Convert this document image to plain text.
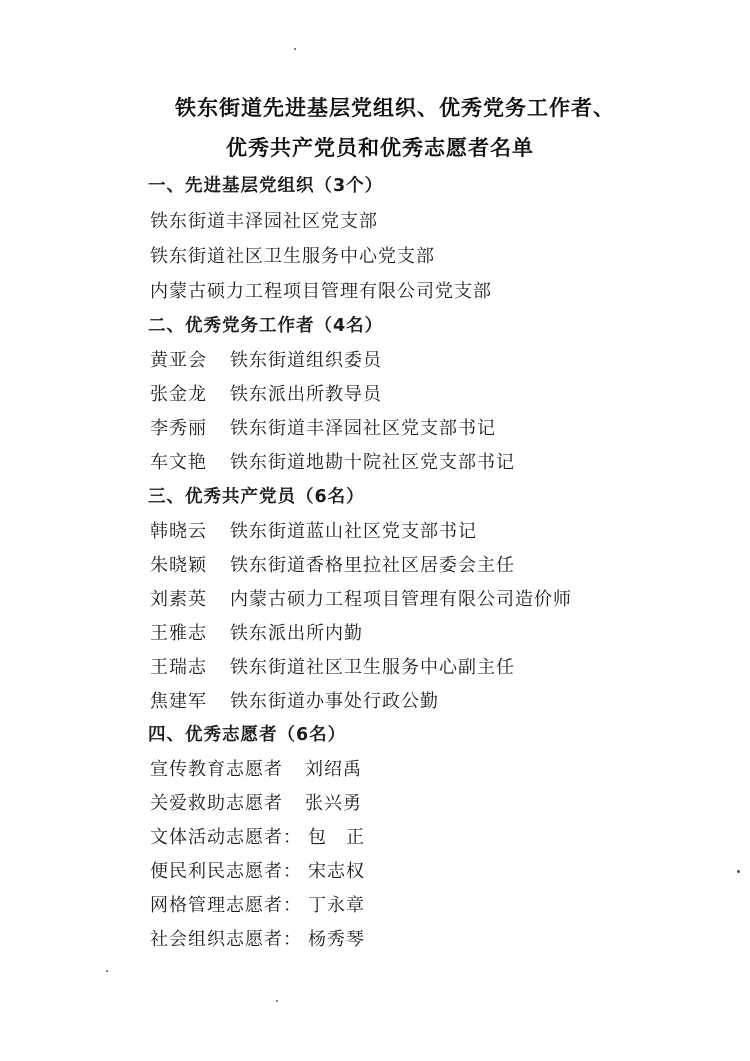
铁东街道先进基层党组织、优秀党务工作者、
优秀共产党员和优秀志愿者名单
一、先进基层党组织（3个）
铁东街道丰泽园社区党支部
铁东街道社区卫生服务中心党支部
内蒙古硕力工程项目管理有限公司党支部
二、优秀党务工作者（4名）
黄亚会 铁东街道组织委员
张金龙 铁东派出所教导员
李秀丽 铁东街道丰泽园社区党支部书记
车文艳 铁东街道地勘十院社区党支部书记
三、优秀共产党员（6名）
韩晓云 铁东街道蓝山社区党支部书记
朱晓颖 铁东街道香格里拉社区居委会主任
刘素英 内蒙古硕力工程项目管理有限公司造价师
王雅志 铁东派出所内勤
王瑞志 铁东街道社区卫生服务中心副主任
焦建军 铁东街道办事处行政公勤
四、优秀志愿者（6名）
宣传教育志愿者 刘绍禹
关爱救助志愿者 张兴勇
文体活动志愿者： 包　正
便民利民志愿者： 宋志权
网格管理志愿者： 丁永章
社会组织志愿者： 杨秀琴
